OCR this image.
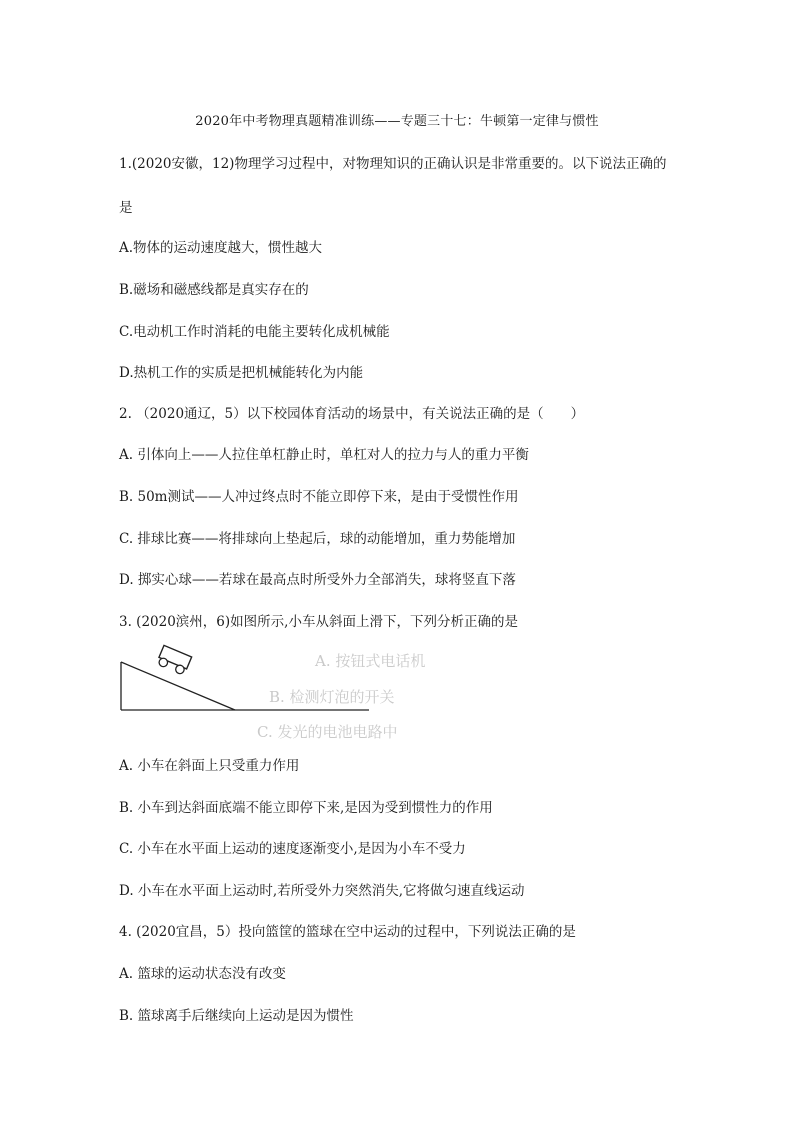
2020年中考物理真题精准训练——专题三十七：牛顿第一定律与惯性
1.(2020安徽，12)物理学习过程中，对物理知识的正确认识是非常重要的。以下说法正确的
是
A.物体的运动速度越大，惯性越大
B.磁场和磁感线都是真实存在的
C.电动机工作时消耗的电能主要转化成机械能
D.热机工作的实质是把机械能转化为内能
2. （2020通辽，5）以下校园体育活动的场景中，有关说法正确的是（　　）
A. 引体向上——人拉住单杠静止时，单杠对人的拉力与人的重力平衡
B. 50m测试——人冲过终点时不能立即停下来，是由于受惯性作用
C. 排球比赛——将排球向上垫起后，球的动能增加，重力势能增加
D. 掷实心球——若球在最高点时所受外力全部消失，球将竖直下落
3. (2020滨州，6)如图所示,小车从斜面上滑下，下列分析正确的是
A. 按钮式电话机
B. 检测灯泡的开关
C. 发光的电池电路中
A. 小车在斜面上只受重力作用
B. 小车到达斜面底端不能立即停下来,是因为受到惯性力的作用
C. 小车在水平面上运动的速度逐渐变小,是因为小车不受力
D. 小车在水平面上运动时,若所受外力突然消失,它将做匀速直线运动
4. (2020宜昌，5）投向篮筐的篮球在空中运动的过程中，下列说法正确的是
A. 篮球的运动状态没有改变
B. 篮球离手后继续向上运动是因为惯性
